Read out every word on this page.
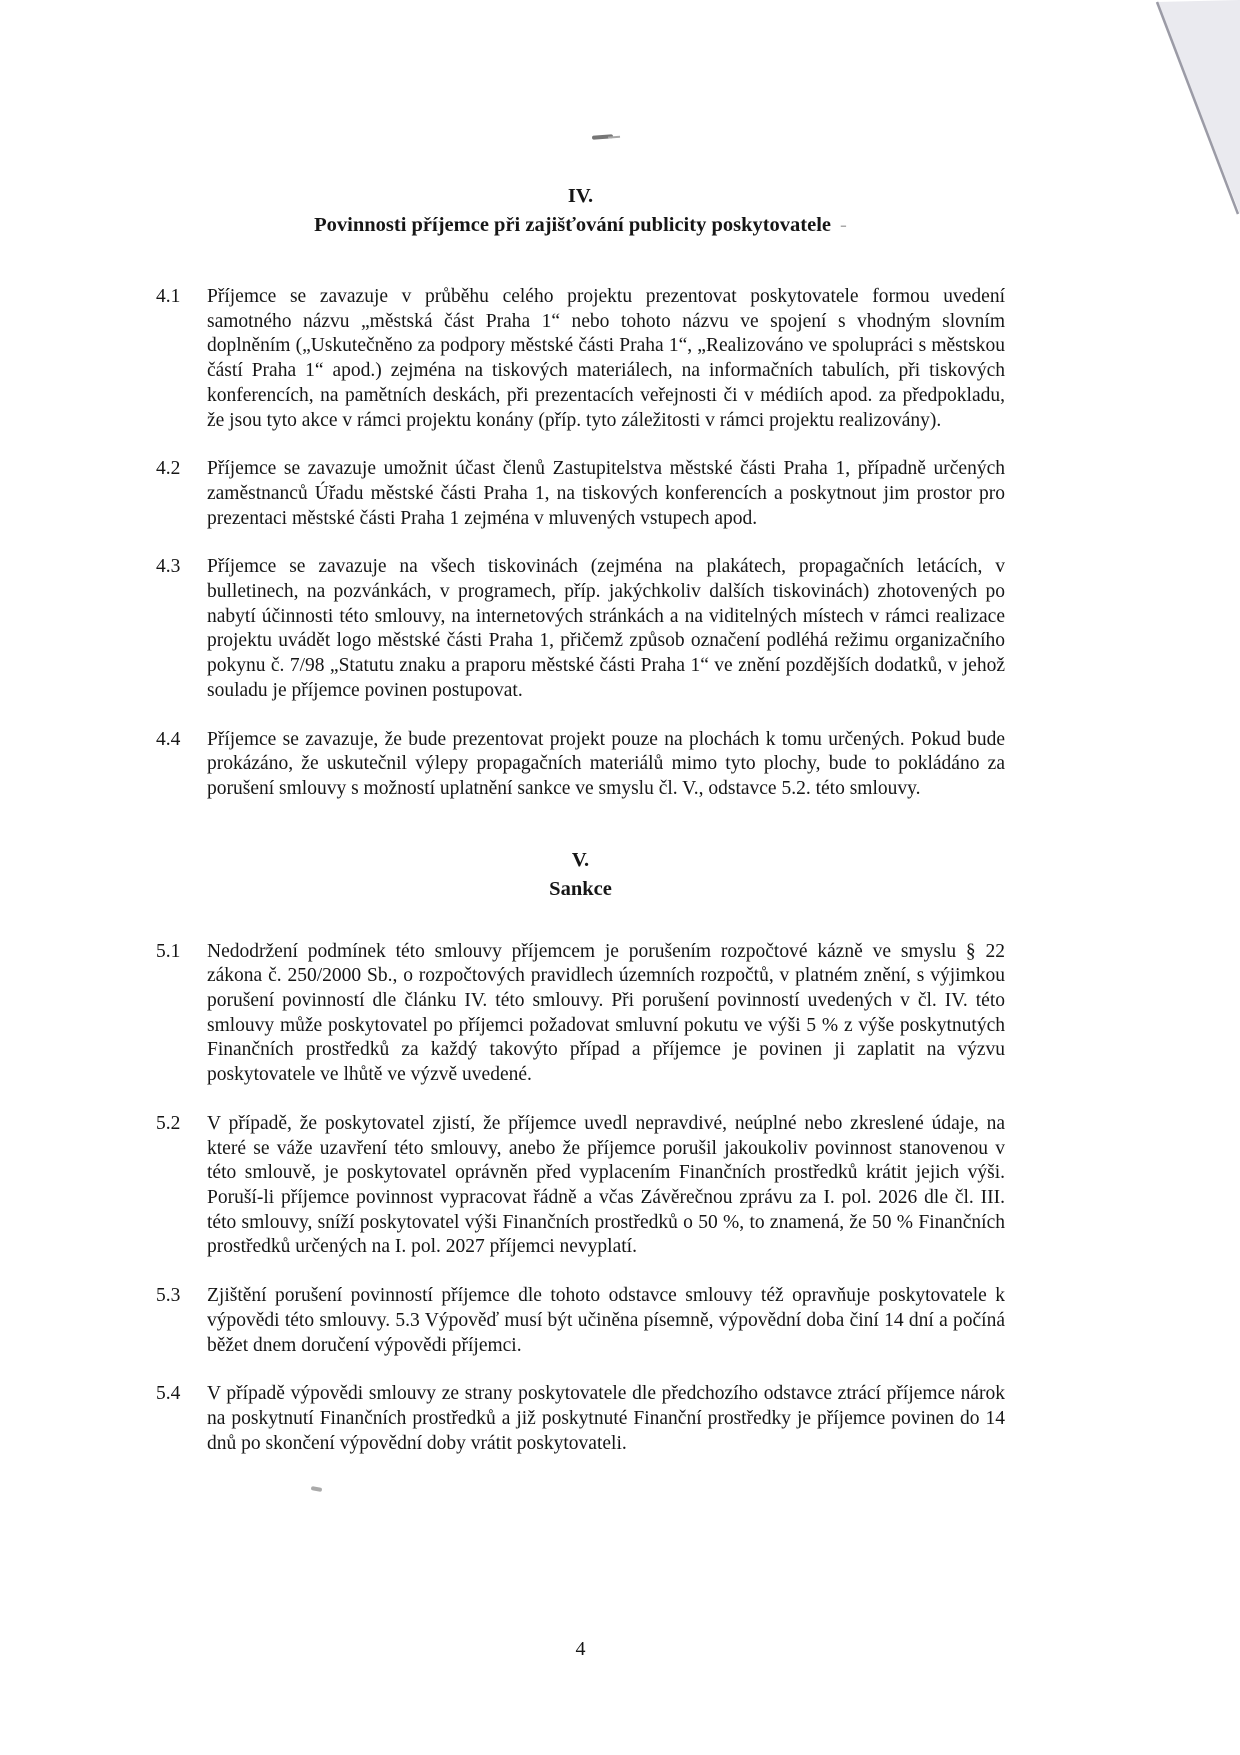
IV.
Povinnosti příjemce při zajišťování publicity poskytovatele -
4.1	Příjemce se zavazuje v průběhu celého projektu prezentovat poskytovatele formou uvedení samotného názvu „městská část Praha 1“ nebo tohoto názvu ve spojení s vhodným slovním doplněním („Uskutečněno za podpory městské části Praha 1“, „Realizováno ve spolupráci s městskou částí Praha 1“ apod.) zejména na tiskových materiálech, na informačních tabulích, při tiskových konferencích, na pamětních deskách, při prezentacích veřejnosti či v médiích apod. za předpokladu, že jsou tyto akce v rámci projektu konány (příp. tyto záležitosti v rámci projektu realizovány).

4.2	Příjemce se zavazuje umožnit účast členů Zastupitelstva městské části Praha 1, případně určených zaměstnanců Úřadu městské části Praha 1, na tiskových konferencích a poskytnout jim prostor pro prezentaci městské části Praha 1 zejména v mluvených vstupech apod.

4.3	Příjemce se zavazuje na všech tiskovinách (zejména na plakátech, propagačních letácích, v bulletinech, na pozvánkách, v programech, příp. jakýchkoliv dalších tiskovinách) zhotovených po nabytí účinnosti této smlouvy, na internetových stránkách a na viditelných místech v rámci realizace projektu uvádět logo městské části Praha 1, přičemž způsob označení podléhá režimu organizačního pokynu č. 7/98 „Statutu znaku a praporu městské části Praha 1“ ve znění pozdějších dodatků, v jehož souladu je příjemce povinen postupovat.

4.4	Příjemce se zavazuje, že bude prezentovat projekt pouze na plochách k tomu určených. Pokud bude prokázáno, že uskutečnil výlepy propagačních materiálů mimo tyto plochy, bude to pokládáno za porušení smlouvy s možností uplatnění sankce ve smyslu čl. V., odstavce 5.2. této smlouvy.

V.
Sankce
5.1	Nedodržení podmínek této smlouvy příjemcem je porušením rozpočtové kázně ve smyslu § 22 zákona č. 250/2000 Sb., o rozpočtových pravidlech územních rozpočtů, v platném znění, s výjimkou porušení povinností dle článku IV. této smlouvy. Při porušení povinností uvedených v čl. IV. této smlouvy může poskytovatel po příjemci požadovat smluvní pokutu ve výši 5 % z výše poskytnutých Finančních prostředků za každý takovýto případ a příjemce je povinen ji zaplatit na výzvu poskytovatele ve lhůtě ve výzvě uvedené.

5.2	V případě, že poskytovatel zjistí, že příjemce uvedl nepravdivé, neúplné nebo zkreslené údaje, na které se váže uzavření této smlouvy, anebo že příjemce porušil jakoukoliv povinnost stanovenou v této smlouvě, je poskytovatel oprávněn před vyplacením Finančních prostředků krátit jejich výši. Poruší-li příjemce povinnost vypracovat řádně a včas Závěrečnou zprávu za I. pol. 2026 dle čl. III. této smlouvy, sníží poskytovatel výši Finančních prostředků o 50 %, to znamená, že 50 % Finančních prostředků určených na I. pol. 2027 příjemci nevyplatí.

5.3	Zjištění porušení povinností příjemce dle tohoto odstavce smlouvy též opravňuje poskytovatele k výpovědi této smlouvy. 5.3 Výpověď musí být učiněna písemně, výpovědní doba činí 14 dní a počíná běžet dnem doručení výpovědi příjemci.

5.4	V případě výpovědi smlouvy ze strany poskytovatele dle předchozího odstavce ztrácí příjemce nárok na poskytnutí Finančních prostředků a již poskytnuté Finanční prostředky je příjemce povinen do 14 dnů po skončení výpovědní doby vrátit poskytovateli.

4
